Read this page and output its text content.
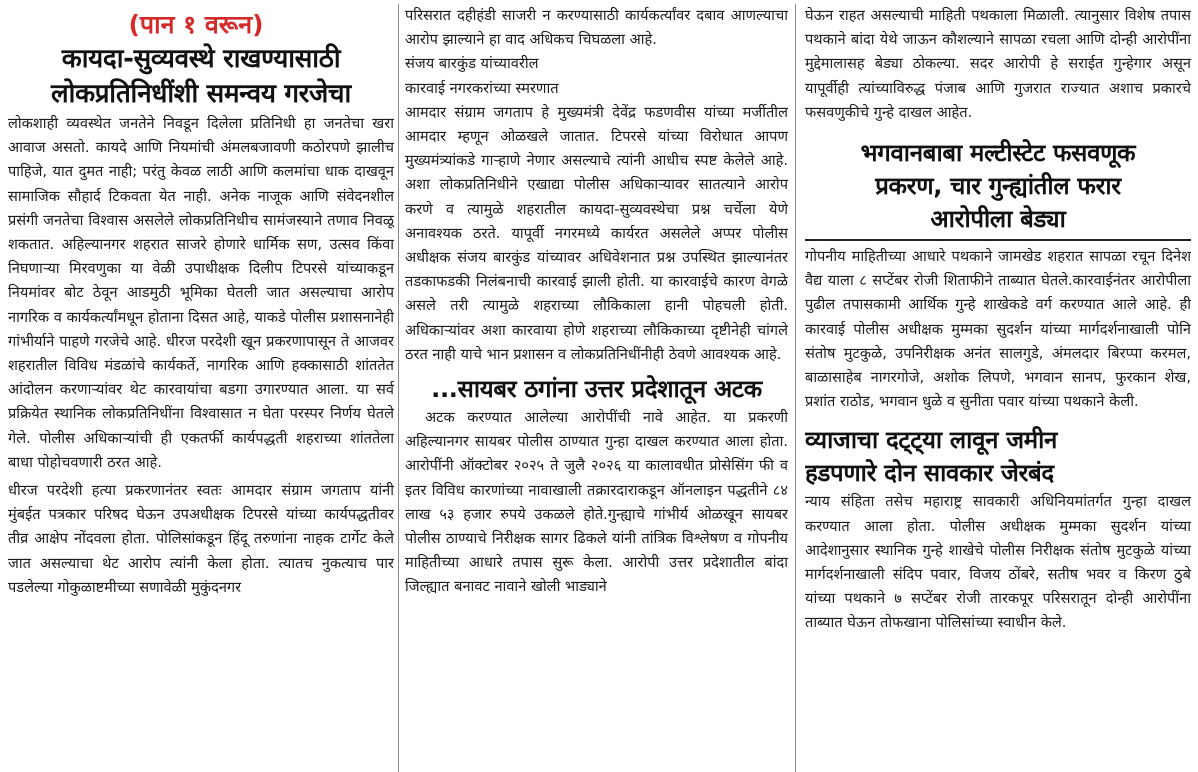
(पान १ वरून)
कायदा-सुव्यवस्थे राखण्यासाठी
लोकप्रतिनिधींशी समन्वय गरजेचा

लोकशाही व्यवस्थेत जनतेने निवडून दिलेला प्रतिनिधी हा जनतेचा खरा आवाज असतो. कायदे आणि नियमांची अंमलबजावणी कठोरपणे झालीच पाहिजे, यात दुमत नाही; परंतु केवळ लाठी आणि कलमांचा धाक दाखवून सामाजिक सौहार्द टिकवता येत नाही. अनेक नाजूक आणि संवेदनशील प्रसंगी जनतेचा विश्वास असलेले लोकप्रतिनिधीच सामंजस्याने तणाव निवळू शकतात. अहिल्यानगर शहरात साजरे होणारे धार्मिक सण, उत्सव किंवा निघणाऱ्या मिरवणुका या वेळी उपाधीक्षक दिलीप टिपरसे यांच्याकडून नियमांवर बोट ठेवून आडमुठी भूमिका घेतली जात असल्याचा आरोप नागरिक व कार्यकर्त्यांमधून होताना दिसत आहे, याकडे पोलीस प्रशासनानेही गांभीर्याने पाहणे गरजेचे आहे. धीरज परदेशी खून प्रकरणापासून ते आजवर शहरातील विविध मंडळांचे कार्यकर्ते, नागरिक आणि हक्कासाठी शांततेत आंदोलन करणाऱ्यांवर थेट कारवायांचा बडगा उगारण्यात आला. या सर्व प्रक्रियेत स्थानिक लोकप्रतिनिधींना विश्वासात न घेता परस्पर निर्णय घेतले गेले. पोलीस अधिकाऱ्यांची ही एकतर्फी कार्यपद्धती शहराच्या शांततेला बाधा पोहोचवणारी ठरत आहे.

धीरज परदेशी हत्या प्रकरणानंतर स्वतः आमदार संग्राम जगताप यांनी मुंबईत पत्रकार परिषद घेऊन उपअधीक्षक टिपरसे यांच्या कार्यपद्धतीवर तीव्र आक्षेप नोंदवला होता. पोलिसांकडून हिंदू तरुणांना नाहक टार्गेट केले जात असल्याचा थेट आरोप त्यांनी केला होता. त्यातच नुकत्याच पार पडलेल्या गोकुळाष्टमीच्या सणावेळी मुकुंदनगर

परिसरात दहीहंडी साजरी न करण्यासाठी कार्यकर्त्यांवर दबाव आणल्याचा आरोप झाल्याने हा वाद अधिकच चिघळला आहे.

संजय बारकुंड यांच्यावरील

कारवाई नगरकरांच्या स्मरणात

आमदार संग्राम जगताप हे मुख्यमंत्री देवेंद्र फडणवीस यांच्या मर्जीतील आमदार म्हणून ओळखले जातात. टिपरसे यांच्या विरोधात आपण मुख्यमंत्र्यांकडे गाऱ्हाणे नेणार असल्याचे त्यांनी आधीच स्पष्ट केलेले आहे. अशा लोकप्रतिनिधीने एखाद्या पोलीस अधिकाऱ्यावर सातत्याने आरोप करणे व त्यामुळे शहरातील कायदा-सुव्यवस्थेचा प्रश्न चर्चेला येणे अनावश्यक ठरते. यापूर्वी नगरमध्ये कार्यरत असलेले अप्पर पोलीस अधीक्षक संजय बारकुंड यांच्यावर अधिवेशनात प्रश्न उपस्थित झाल्यानंतर तडकाफडकी निलंबनाची कारवाई झाली होती. या कारवाईचे कारण वेगळे असले तरी त्यामुळे शहराच्या लौकिकाला हानी पोहचली होती. अधिकाऱ्यांवर अशा कारवाया होणे शहराच्या लौकिकाच्या दृष्टीनेही चांगले ठरत नाही याचे भान प्रशासन व लोकप्रतिनिधींनीही ठेवणे आवश्यक आहे.

...सायबर ठगांना उत्तर प्रदेशातून अटक

अटक करण्यात आलेल्या आरोपींची नावे आहेत. या प्रकरणी अहिल्यानगर सायबर पोलीस ठाण्यात गुन्हा दाखल करण्यात आला होता. आरोपींनी ऑक्टोबर २०२५ ते जुलै २०२६ या कालावधीत प्रोसेसिंग फी व इतर विविध कारणांच्या नावाखाली तक्रारदाराकडून ऑनलाइन पद्धतीने ८४ लाख ५३ हजार रुपये उकळले होते.गुन्ह्याचे गांभीर्य ओळखून सायबर पोलीस ठाण्याचे निरीक्षक सागर ढिकले यांनी तांत्रिक विश्लेषण व गोपनीय माहितीच्या आधारे तपास सुरू केला. आरोपी उत्तर प्रदेशातील बांदा जिल्ह्यात बनावट नावाने खोली भाड्याने

घेऊन राहत असल्याची माहिती पथकाला मिळाली. त्यानुसार विशेष तपास पथकाने बांदा येथे जाऊन कौशल्याने सापळा रचला आणि दोन्ही आरोपींना मुद्देमालासह बेड्या ठोकल्या. सदर आरोपी हे सराईत गुन्हेगार असून यापूर्वीही त्यांच्याविरुद्ध पंजाब आणि गुजरात राज्यात अशाच प्रकारचे फसवणुकीचे गुन्हे दाखल आहेत.

भगवानबाबा मल्टीस्टेट फसवणूक
प्रकरण, चार गुन्ह्यांतील फरार
आरोपीला बेड्या

गोपनीय माहितीच्या आधारे पथकाने जामखेड शहरात सापळा रचून दिनेश वैद्य याला ८ सप्टेंबर रोजी शिताफीने ताब्यात घेतले.कारवाईनंतर आरोपीला पुढील तपासकामी आर्थिक गुन्हे शाखेकडे वर्ग करण्यात आले आहे. ही कारवाई पोलीस अधीक्षक मुम्मका सुदर्शन यांच्या मार्गदर्शनाखाली पोनि संतोष मुटकुळे, उपनिरीक्षक अनंत सालगुडे, अंमलदार बिरप्पा करमल, बाळासाहेब नागरगोजे, अशोक लिपणे, भगवान सानप, फुरकान शेख, प्रशांत राठोड, भगवान धुळे व सुनीता पवार यांच्या पथकाने केली.

व्याजाचा दट्ट्या लावून जमीन
हडपणारे दोन सावकार जेरबंद

न्याय संहिता तसेच महाराष्ट्र सावकारी अधिनियमांतर्गत गुन्हा दाखल करण्यात आला होता. पोलीस अधीक्षक मुम्मका सुदर्शन यांच्या आदेशानुसार स्थानिक गुन्हे शाखेचे पोलीस निरीक्षक संतोष मुटकुळे यांच्या मार्गदर्शनाखाली संदिप पवार, विजय ठोंबरे, सतीष भवर व किरण ठुबे यांच्या पथकाने ७ सप्टेंबर रोजी तारकपूर परिसरातून दोन्ही आरोपींना ताब्यात घेऊन तोफखाना पोलिसांच्या स्वाधीन केले.
